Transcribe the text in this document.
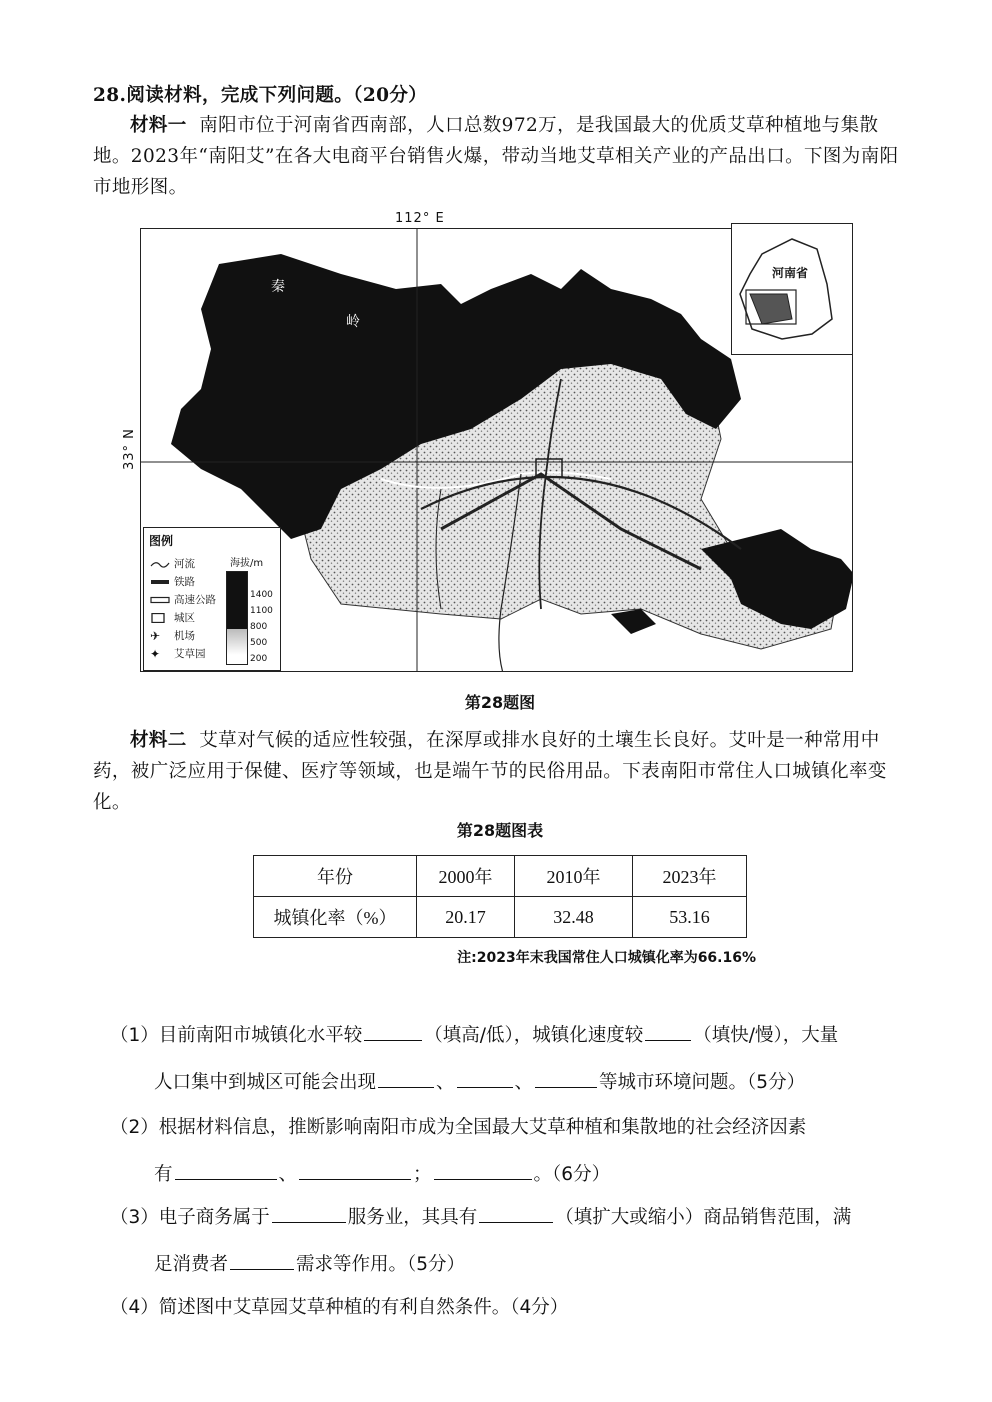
28.阅读材料，完成下列问题。（20分）

材料一 南阳市位于河南省西南部，人口总数972万，是我国最大的优质艾草种植地与集散地。2023年“南阳艾”在各大电商平台销售火爆，带动当地艾草相关产业的产品出口。下图为南阳市地形图。

112° E
33° N
秦
岭
河南省
图例
海拔/m
河流
铁路
高速公路
城区
✈	机场
✦	艾草园
1400
1100
800
500
200
第28题图

材料二 艾草对气候的适应性较强，在深厚或排水良好的土壤生长良好。艾叶是一种常用中药，被广泛应用于保健、医疗等领域，也是端午节的民俗用品。下表南阳市常住人口城镇化率变化。

第28题图表
年份	2000年	2010年	2023年
城镇化率（%）	20.17	32.48	53.16
注:2023年末我国常住人口城镇化率为66.16%
（1）目前南阳市城镇化水平较	（填高/低），城镇化速度较	（填快/慢），大量
人口集中到城区可能会出现	、	、	等城市环境问题。（5分）
（2）根据材料信息，推断影响南阳市成为全国最大艾草种植和集散地的社会经济因素
有	、	；	。（6分）
（3）电子商务属于	服务业，其具有	（填扩大或缩小）商品销售范围，满
足消费者	需求等作用。（5分）
（4）简述图中艾草园艾草种植的有利自然条件。（4分）
